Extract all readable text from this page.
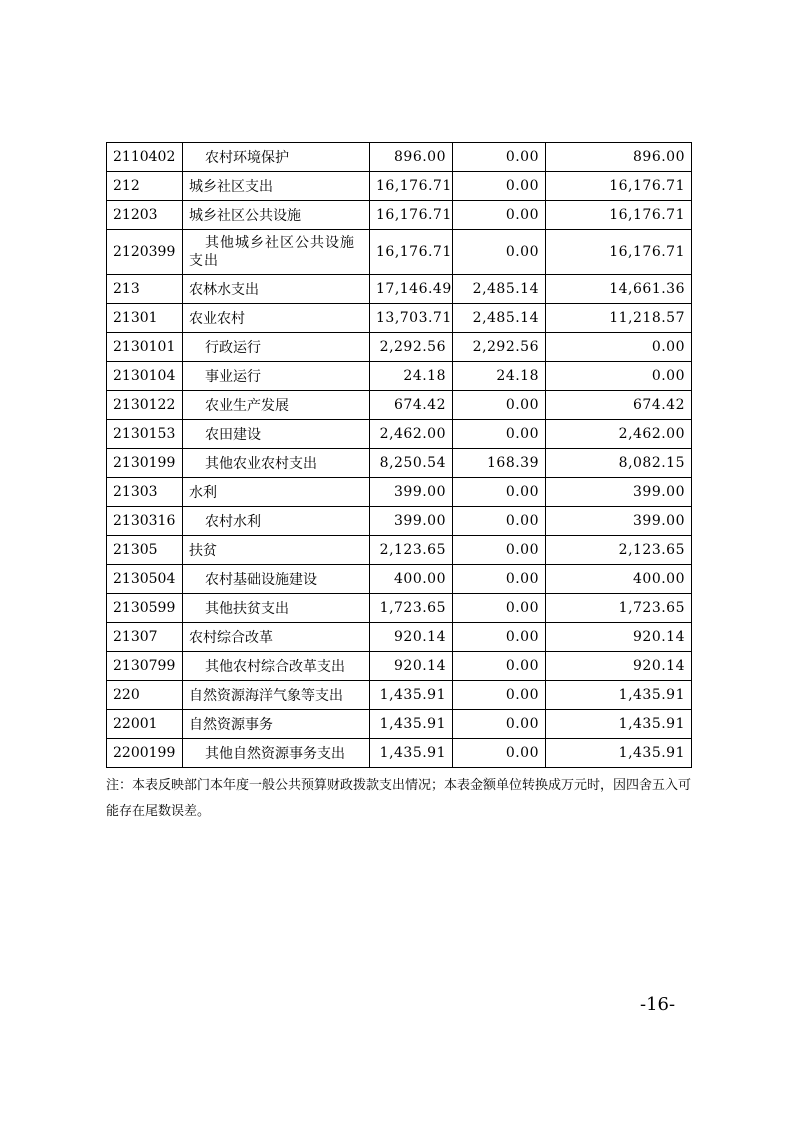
2110402	农村环境保护	896.00	0.00	896.00
212	城乡社区支出	16,176.71	0.00	16,176.71
21203	城乡社区公共设施	16,176.71	0.00	16,176.71
2120399	其他城乡社区公共设施支出	16,176.71	0.00	16,176.71
213	农林水支出	17,146.49	2,485.14	14,661.36
21301	农业农村	13,703.71	2,485.14	11,218.57
2130101	行政运行	2,292.56	2,292.56	0.00
2130104	事业运行	24.18	24.18	0.00
2130122	农业生产发展	674.42	0.00	674.42
2130153	农田建设	2,462.00	0.00	2,462.00
2130199	其他农业农村支出	8,250.54	168.39	8,082.15
21303	水利	399.00	0.00	399.00
2130316	农村水利	399.00	0.00	399.00
21305	扶贫	2,123.65	0.00	2,123.65
2130504	农村基础设施建设	400.00	0.00	400.00
2130599	其他扶贫支出	1,723.65	0.00	1,723.65
21307	农村综合改革	920.14	0.00	920.14
2130799	其他农村综合改革支出	920.14	0.00	920.14
220	自然资源海洋气象等支出	1,435.91	0.00	1,435.91
22001	自然资源事务	1,435.91	0.00	1,435.91
2200199	其他自然资源事务支出	1,435.91	0.00	1,435.91
注：本表反映部门本年度一般公共预算财政拨款支出情况；本表金额单位转换成万元时，因四舍五入可能存在尾数误差。
-16-
